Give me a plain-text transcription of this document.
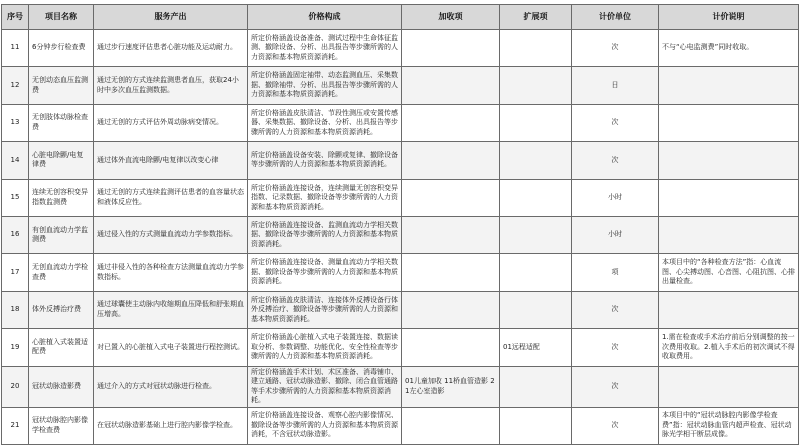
序号	项目名称	服务产出	价格构成	加收项	扩展项	计价单位	计价说明
11	6分钟步行检查费	通过步行速度评估患者心脏功能及运动耐力。	所定价格涵盖设备准备、测试过程中生命体征监测、撤除设备、分析、出具报告等步骤所需的人力资源和基本物质资源消耗。			次	不与“心电监测费”同时收取。
12	无创动态血压监测费	通过无创的方式连续监测患者血压，获取24小时中多次血压监测数据。	所定价格涵盖固定袖带、动态监测血压、采集数据、撤除袖带、分析、出具报告等步骤所需的人力资源和基本物质资源消耗。			日	
13	无创肢体动脉检查费	通过无创的方式评估外周动脉病变情况。	所定价格涵盖皮肤清洁、节段性测压或安置传感器、采集数据、撤除设备、分析、出具报告等步骤所需的人力资源和基本物质资源消耗。			次	
14	心脏电除颤/电复律费	通过体外直流电除颤/电复律以改变心律	所定价格涵盖设备安装、除颤或复律、撤除设备等步骤所需的人力资源和基本物质资源消耗。			次	
15	连续无创容积变异指数监测费	通过无创的方式连续监测评估患者的血容量状态和液体反应性。	所定价格涵盖连接设备，连续测量无创容积变异指数、记录数据、撤除设备等步骤所需的人力资源和基本物质资源消耗。			小时	
16	有创血流动力学监测费	通过侵入性的方式测量血流动力学参数指标。	所定价格涵盖连接设备、监测血流动力学相关数据、撤除设备等步骤所需的人力资源和基本物质资源消耗。			小时	
17	无创血流动力学检查费	通过非侵入性的各种检查方法测量血流动力学参数指标。	所定价格涵盖连接设备、测量血流动力学相关数据、撤除设备等步骤所需的人力资源和基本物质资源消耗。			项	本项目中的“各种检查方法”指：心血流图、心尖搏动图、心音图、心阻抗图、心排出量检查。
18	体外反搏治疗费	通过球囊使主动脉内收缩期血压降低和舒张期血压增高。	所定价格涵盖皮肤清洁、连接体外反搏设备行体外反搏治疗、撤除设备等步骤所需的人力资源和基本物质资源消耗。			次	
19	心脏植入式装置适配费	对已置入的心脏植入式电子装置进行程控测试。	所定价格涵盖心脏植入式电子装置连接、数据读取分析、参数调整、功能优化、安全性检查等步骤所需的人力资源和基本物质资源消耗。		01远程适配	次	1.需在检查或手术治疗前后分别调整的按一次费用收取。2.植入手术后的初次调试不得收取费用。
20	冠状动脉造影费	通过介入的方式对冠状动脉进行检查。	所定价格涵盖手术计划、术区准备、消毒铺巾、建立通路、冠状动脉造影、撤除、闭合血管通路等手术步骤所需的人力资源和基本物质资源消耗。	01儿童加收 11桥血管造影 21左心室造影		次	
21	冠状动脉腔内影像学检查费	在冠状动脉造影基础上进行腔内影像学检查。	所定价格涵盖连接设备、观察心腔内影像情况、撤除设备等步骤所需的人力资源和基本物质资源消耗，不含冠状动脉造影。			次	本项目中的“冠状动脉腔内影像学检查费”指：冠状动脉血管内超声检查、冠状动脉光学相干断层成像。
